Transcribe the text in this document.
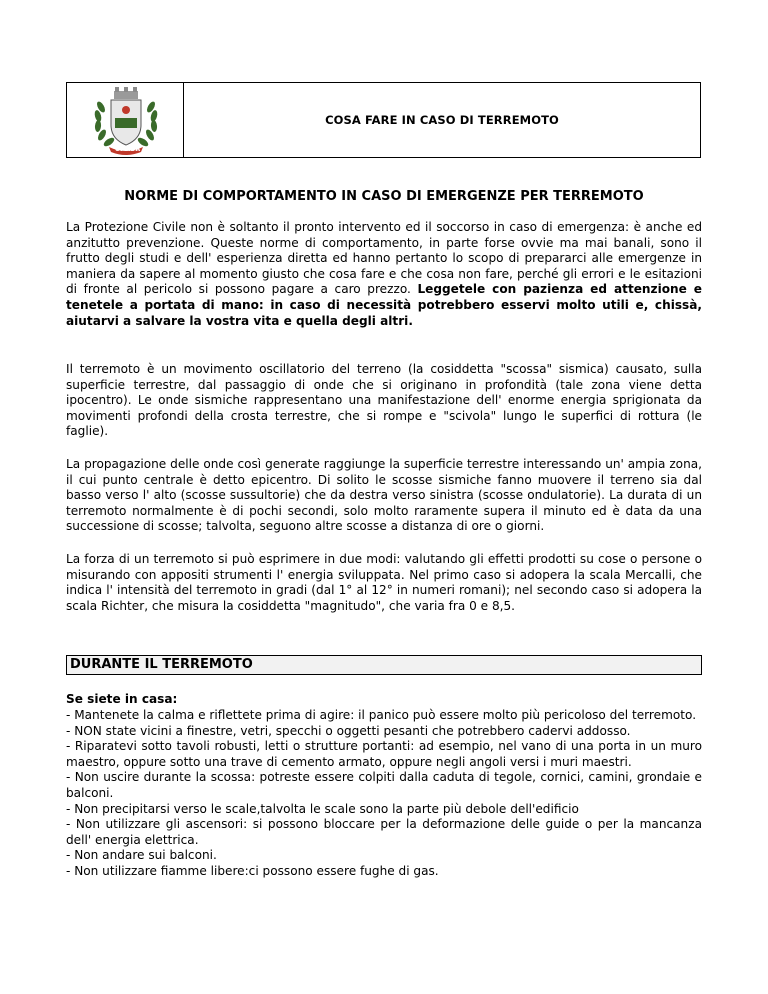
OFFIDA
COSA FARE IN CASO DI TERREMOTO
NORME DI COMPORTAMENTO IN CASO DI EMERGENZE PER TERREMOTO

La Protezione Civile non è soltanto il pronto intervento ed il soccorso in caso di emergenza: è anche ed anzitutto prevenzione. Queste norme di comportamento, in parte forse ovvie ma mai banali, sono il frutto degli studi e dell' esperienza diretta ed hanno pertanto lo scopo di prepararci alle emergenze in maniera da sapere al momento giusto che cosa fare e che cosa non fare, perché gli errori e le esitazioni di fronte al pericolo si possono pagare a caro prezzo. Leggetele con pazienza ed attenzione e tenetele a portata di mano: in caso di necessità potrebbero esservi molto utili e, chissà, aiutarvi a salvare la vostra vita e quella degli altri.

Il terremoto è un movimento oscillatorio del terreno (la cosiddetta "scossa" sismica) causato, sulla superficie terrestre, dal passaggio di onde che si originano in profondità (tale zona viene detta ipocentro). Le onde sismiche rappresentano una manifestazione dell' enorme energia sprigionata da movimenti profondi della crosta terrestre, che si rompe e "scivola" lungo le superfici di rottura (le faglie).

La propagazione delle onde così generate raggiunge la superficie terrestre interessando un' ampia zona, il cui punto centrale è detto epicentro. Di solito le scosse sismiche fanno muovere il terreno sia dal basso verso l' alto (scosse sussultorie) che da destra verso sinistra (scosse ondulatorie). La durata di un terremoto normalmente è di pochi secondi, solo molto raramente supera il minuto ed è data da una successione di scosse; talvolta, seguono altre scosse a distanza di ore o giorni.

La forza di un terremoto si può esprimere in due modi: valutando gli effetti prodotti su cose o persone o misurando con appositi strumenti l' energia sviluppata. Nel primo caso si adopera la scala Mercalli, che indica l' intensità del terremoto in gradi (dal 1° al 12° in numeri romani); nel secondo caso si adopera la scala Richter, che misura la cosiddetta "magnitudo", che varia fra 0 e 8,5.

DURANTE IL TERREMOTO

Se siete in casa:

- Mantenete la calma e riflettete prima di agire: il panico può essere molto più pericoloso del terremoto.
- NON state vicini a finestre, vetri, specchi o oggetti pesanti che potrebbero cadervi addosso.
- Riparatevi sotto tavoli robusti, letti o strutture portanti: ad esempio, nel vano di una porta in un muro maestro, oppure sotto una trave di cemento armato, oppure negli angoli versi i muri maestri.
- Non uscire durante la scossa: potreste essere colpiti dalla caduta di tegole, cornici, camini, grondaie e balconi.
- Non precipitarsi verso le scale,talvolta le scale sono la parte più debole dell'edificio
- Non utilizzare gli ascensori: si possono bloccare per la deformazione delle guide o per la mancanza dell' energia elettrica.
- Non andare sui balconi.
- Non utilizzare fiamme libere:ci possono essere fughe di gas.
